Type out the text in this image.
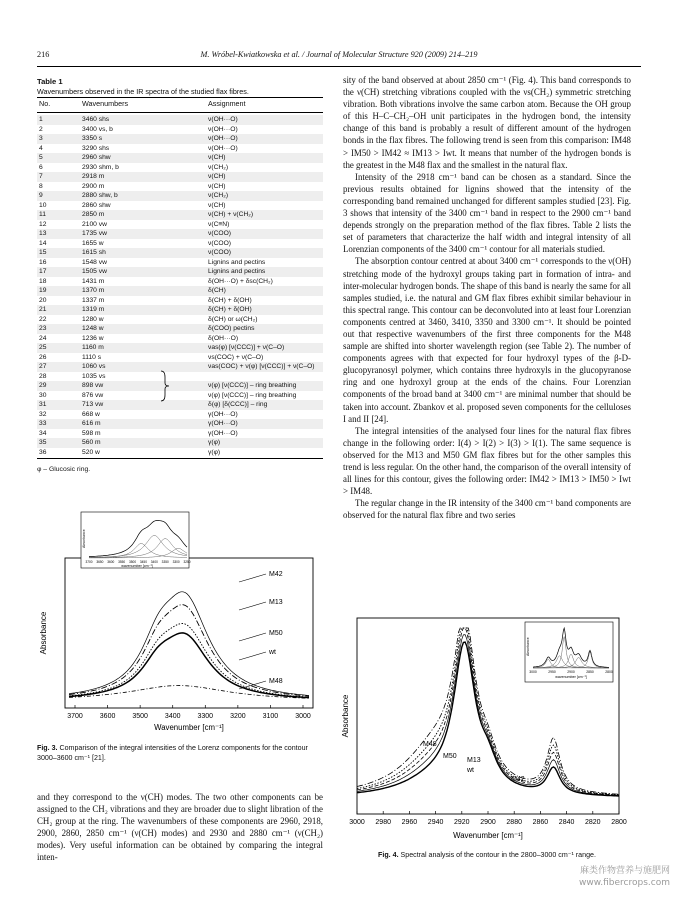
216	M. Wróbel-Kwiatkowska et al. / Journal of Molecular Structure 920 (2009) 214–219
Table 1
Wavenumbers observed in the IR spectra of the studied flax fibres.
No.	Wavenumbers	Assignment
1	3460 shs	ν(OH···O)
2	3400 vs, b	ν(OH···O)
3	3350 s	ν(OH···O)
4	3290 shs	ν(OH···O)
5	2960 shw	ν(CH)
6	2930 shm, b	ν(CH₂)
7	2918 m	ν(CH)
8	2900 m	ν(CH)
9	2880 shw, b	ν(CH₂)
10	2860 shw	ν(CH)
11	2850 m	ν(CH) + ν(CH₂)
12	2100 vw	ν(C≡N)
13	1735 vw	ν(COO)
14	1655 w	ν(COO)
15	1615 sh	ν(COO)
16	1548 vw	Lignins and pectins
17	1505 vw	Lignins and pectins
18	1431 m	δ(OH···O) + δsc(CH₂)
19	1370 m	δ(CH)
20	1337 m	δ(CH) + δ(OH)
21	1319 m	δ(CH) + δ(OH)
22	1280 w	δ(CH) or ω(CH₂)
23	1248 w	δ(COO) pectins
24	1236 w	δ(OH···O)
25	1160 m	νas(φ) [ν(CCC)] + ν(C–O)
26	1110 s	νs(COC) + ν(C–O)
27	1060 vs	νas(COC) + ν(φ) [ν(CCC)] + ν(C–O)
28	1035 vs
29	898 vw	ν(φ) [ν(CCC)] – ring breathing
30	876 vw	ν(φ) [ν(CCC)] – ring breathing
31	713 vw	δ(φ) [δ(CCC)] – ring
32	668 w	γ(OH···O)
33	616 m	γ(OH···O)
34	598 m	γ(OH···O)
35	560 m	γ(φ)
36	520 w	γ(φ)
φ – Glucosic ring.
3700 3600 3500 3400 3300 3200 3100 3000
Absorbance
Wavenumber [cm⁻¹]
M42
M13
M50
wt
M48
Absorbance
3700 3650 3600 3550 3500 3450 3400 3350 3300 3250
wavenumber [cm⁻¹]
Fig. 3. Comparison of the integral intensities of the Lorenz components for the contour 3000–3600 cm⁻¹ [21].

and they correspond to the ν(CH) modes. The two other components can be assigned to the CH₂ vibrations and they are broader due to slight libration of the CH₂ group at the ring. The wavenumbers of these components are 2960, 2918, 2900, 2860, 2850 cm⁻¹ (ν(CH) modes) and 2930 and 2880 cm⁻¹ (ν(CH₂) modes). Very useful information can be obtained by comparing the integral inten-

sity of the band observed at about 2850 cm⁻¹ (Fig. 4). This band corresponds to the ν(CH) stretching vibrations coupled with the νs(CH₂) symmetric stretching vibration. Both vibrations involve the same carbon atom. Because the OH group of this H–C–CH₂–OH unit participates in the hydrogen bond, the intensity change of this band is probably a result of different amount of the hydrogen bonds in the flax fibres. The following trend is seen from this comparison: IM48 > IM50 > IM42 ≈ IM13 > Iwt. It means that number of the hydrogen bonds is the greatest in the M48 flax and the smallest in the natural flax.

Intensity of the 2918 cm⁻¹ band can be chosen as a standard. Since the previous results obtained for lignins showed that the intensity of the corresponding band remained unchanged for different samples studied [23]. Fig. 3 shows that intensity of the 3400 cm⁻¹ band in respect to the 2900 cm⁻¹ band depends strongly on the preparation method of the flax fibres. Table 2 lists the set of parameters that characterize the half width and integral intensity of all Lorenzian components of the 3400 cm⁻¹ contour for all materials studied.

The absorption contour centred at about 3400 cm⁻¹ corresponds to the ν(OH) stretching mode of the hydroxyl groups taking part in formation of intra- and inter-molecular hydrogen bonds. The shape of this band is nearly the same for all samples studied, i.e. the natural and GM flax fibres exhibit similar behaviour in this spectral range. This contour can be deconvoluted into at least four Lorenzian components centred at 3460, 3410, 3350 and 3300 cm⁻¹. It should be pointed out that respective wavenumbers of the first three components for the M48 sample are shifted into shorter wavelength region (see Table 2). The number of components agrees with that expected for four hydroxyl types of the β-D-glucopyranosyl polymer, which contains three hydroxyls in the glucopyranose ring and one hydroxyl group at the ends of the chains. Four Lorenzian components of the broad band at 3400 cm⁻¹ are minimal number that should be taken into account. Zbankov et al. proposed seven components for the celluloses I and II [24].

The integral intensities of the analysed four lines for the natural flax fibres change in the following order: I(4) > I(2) > I(3) > I(1). The same sequence is observed for the M13 and M50 GM flax fibres but for the other samples this trend is less regular. On the other hand, the comparison of the overall intensity of all lines for this contour, gives the following order: IM42 > IM13 > IM50 > Iwt > IM48.

The regular change in the IR intensity of the 3400 cm⁻¹ band components are observed for the natural flax fibre and two series

3000 2980 2960 2940 2920 2900 2880 2860 2840 2820 2800
Absorbance
Wavenumber [cm⁻¹]
M48
M50
M13
wt
M42
Absorbance
3000	2950	2900	2850	2800
wavenumber [cm⁻¹]
Fig. 4. Spectral analysis of the contour in the 2800–3000 cm⁻¹ range.
麻类作物营养与施肥网
www.fibercrops.com
